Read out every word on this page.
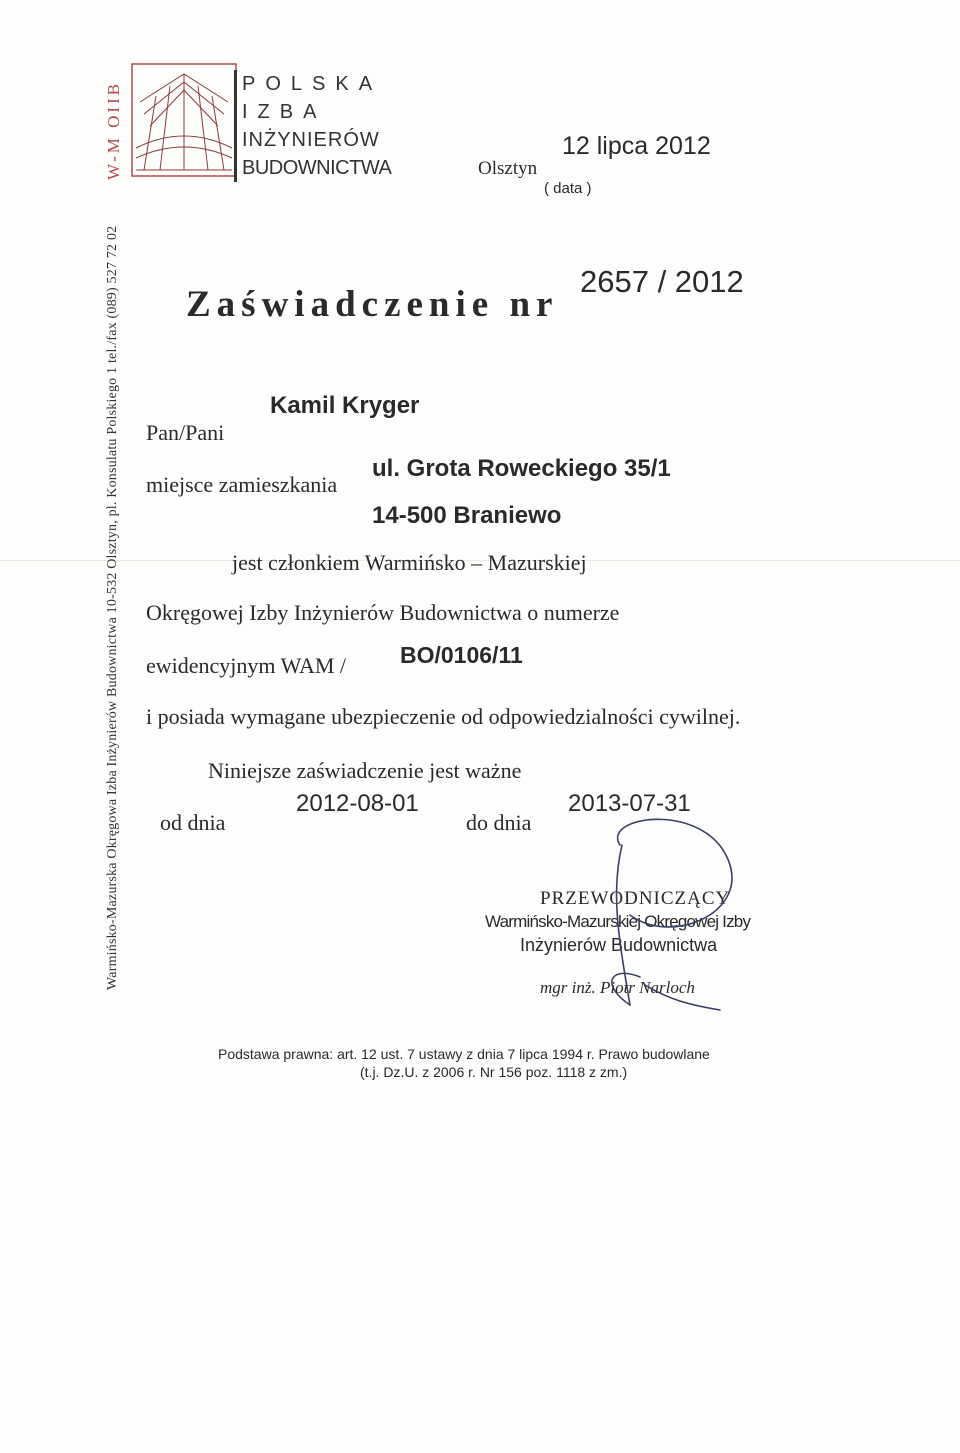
Warmińsko-Mazurska Okręgowa Izba Inżynierów Budownictwa 10-532 Olsztyn, pl. Konsulatu Polskiego 1 tel./fax (089) 527 72 02
W-M OIIB	POLSKA
IZBA
INŻYNIERÓW
BUDOWNICTWA	Olsztyn
12 lipca 2012
( data )
Zaświadczenie nr
2657 / 2012
Kamil Kryger
Pan/Pani
ul. Grota Roweckiego 35/1
miejsce zamieszkania
14-500 Braniewo
jest członkiem Warmińsko – Mazurskiej
Okręgowej Izby Inżynierów Budownictwa o numerze
ewidencyjnym WAM / BO/0106/11
i posiada wymagane ubezpieczenie od odpowiedzialności cywilnej.
Niniejsze zaświadczenie jest ważne
od dnia
2012-08-01
do dnia
2013-07-31
PRZEWODNICZĄCY
Warmińsko-Mazurskiej Okręgowej Izby
Inżynierów Budownictwa
mgr inż. Piotr Narloch
Podstawa prawna: art. 12 ust. 7 ustawy z dnia 7 lipca 1994 r. Prawo budowlane
(t.j. Dz.U. z 2006 r. Nr 156 poz. 1118 z zm.)
